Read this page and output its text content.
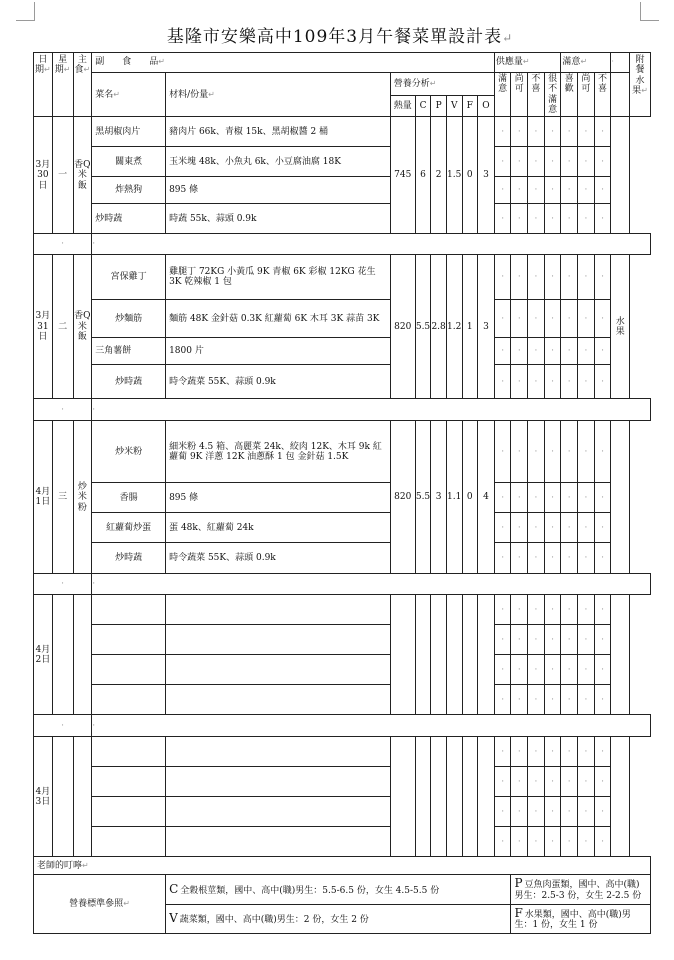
基隆市安樂高中109年3月午餐菜單設計表↵
日期↵	星期↵	主食↵	副　　食　　品↵								供應量↵				滿意↵			·	附餐水果↵
			菜名↵	材料/份量↵	營養分析↵						滿意	尚可	不喜	很不滿意	喜歡	尚可	不喜		
					熱量	C	P	V	F	O									
3月30日	一	香Q米飯	黑胡椒肉片	豬肉片 66k、青椒 15k、黑胡椒醬 2 桶	745	6	2	1.5	0	3	·	·	·	·	·	·	·		
			關東煮	玉米塊 48k、小魚丸 6k、小豆腐油腐 18K							·	·	·	·	·	·	·		
			炸熱狗	895 條							·	·	·	·	·	·	·		
			炒時蔬	時蔬 55k、蒜頭 0.9k							·	·	·	·	·	·	·		
·			·																
3月31日	二	香Q米飯	宮保雞丁	雞腿丁 72KG 小黃瓜 9K 青椒 6K 彩椒 12KG 花生 3K 乾辣椒 1 包	820	5.5	2.8	1.2	1	3	·	·	·	·	·	·	·	水果	
			炒麵筋	麵筋 48K 金針菇 0.3K 紅蘿蔔 6K 木耳 3K 蒜苗 3K							·	·	·	·	·	·	·		
			三角薯餅	1800 片							·	·	·	·	·	·	·		
			炒時蔬	時令蔬菜 55K、蒜頭 0.9k							·	·	·	·	·	·	·		
·			·																
4月1日	三	炒米粉	炒米粉	細米粉 4.5 箱、高麗菜 24k、絞肉 12K、木耳 9k 紅蘿蔔 9K 洋蔥 12K 油蔥酥 1 包 金針菇 1.5K	820	5.5	3	1.1	0	4	·	·	·	·	·	·	·		
			香腸	895 條							·	·	·	·	·	·	·		
			紅蘿蔔炒蛋	蛋 48k、紅蘿蔔 24k							·	·	·	·	·	·	·		
			炒時蔬	時令蔬菜 55K、蒜頭 0.9k							·	·	·	·	·	·	·		
·			·																
4月2日											·	·	·	·	·	·	·		
											·	·	·	·	·	·	·		
											·	·	·	·	·	·	·		
											·	·	·	·	·	·	·		
·			·																
4月3日											·	·	·	·	·	·	·		
											·	·	·	·	·	·	·		
											·	·	·	·	·	·	·		
											·	·	·	·	·	·	·		
老師的叮嚀↵																			
營養標準參照↵				C 全穀根莖類，國中、高中(職)男生：5.5-6.5 份，女生 4.5-5.5 份								P 豆魚肉蛋類，國中、高中(職)男生：2.5-3 份，女生 2-2.5 份							
				V 蔬菜類，國中、高中(職)男生：2 份，女生 2 份								F 水果類，國中、高中(職)男生：1 份，女生 1 份							
